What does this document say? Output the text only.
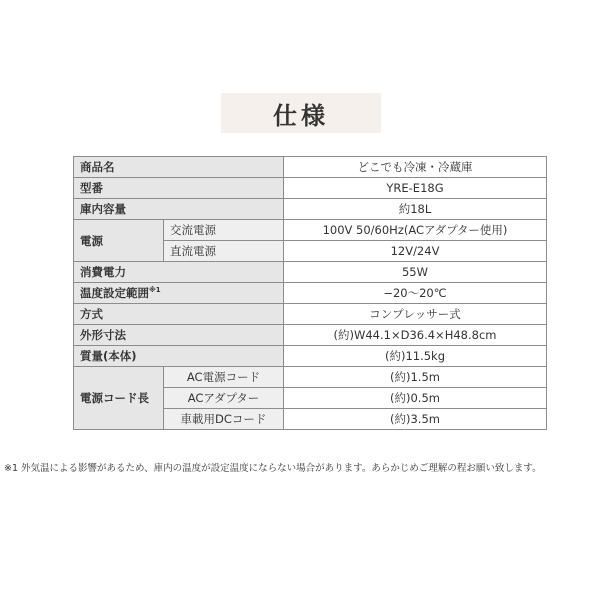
仕様
商品名		どこでも冷凍・冷蔵庫
型番		YRE-E18G
庫内容量		約18L
電源	交流電源	100V 50/60Hz(ACアダプター使用)
	直流電源	12V/24V
消費電力		55W
温度設定範囲$^{※1}$		−20〜20℃
方式		コンプレッサー式
外形寸法		(約)W44.1×D36.4×H48.8cm
質量(本体)		(約)11.5kg
電源コード長	AC電源コード	(約)1.5m
	ACアダプター	(約)0.5m
	車載用DCコード	(約)3.5m
※1 外気温による影響があるため、庫内の温度が設定温度にならない場合があります。あらかじめご理解の程お願い致します。
